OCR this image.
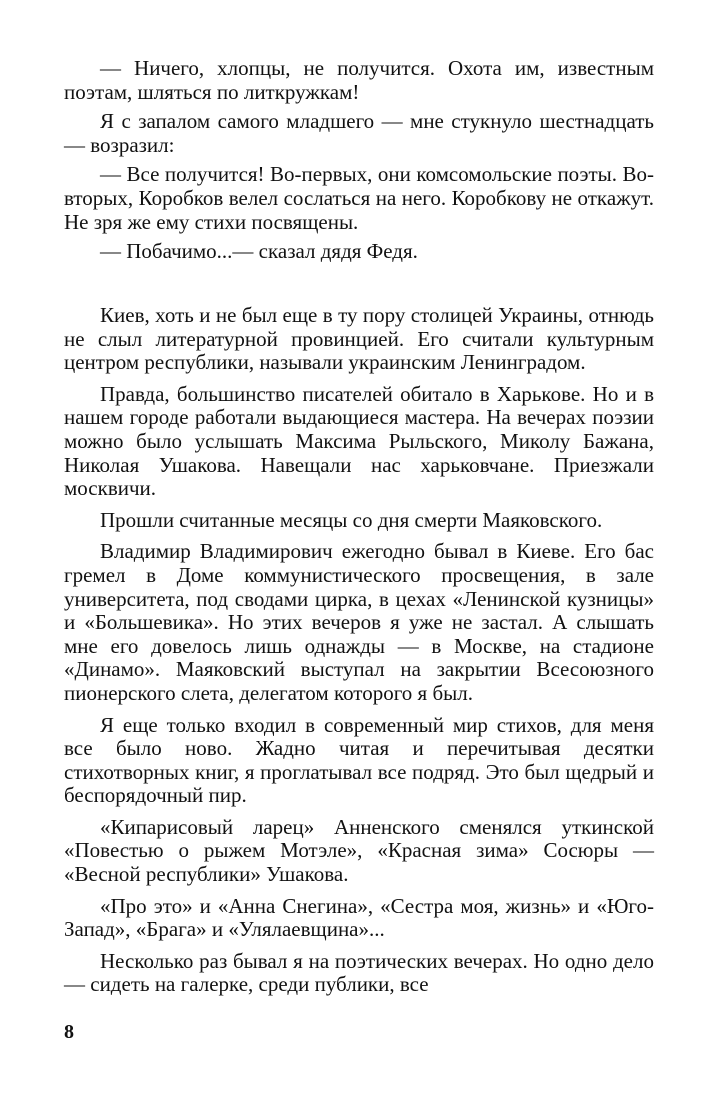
— Ничего, хлопцы, не получится. Охота им, известным поэтам, шляться по литкружкам!

Я с запалом самого младшего — мне стукнуло шестнадцать — возразил:

— Все получится! Во-первых, они комсомольские поэты. Во-вторых, Коробков велел сослаться на него. Коробкову не откажут. Не зря же ему стихи посвящены.

— Побачимо...— сказал дядя Федя.

Киев, хоть и не был еще в ту пору столицей Украины, отнюдь не слыл литературной провинцией. Его считали культурным центром республики, называли украинским Ленинградом.

Правда, большинство писателей обитало в Харькове. Но и в нашем городе работали выдающиеся мастера. На вечерах поэзии можно было услышать Максима Рыльского, Миколу Бажана, Николая Ушакова. Навещали нас харьковчане. Приезжали москвичи.

Прошли считанные месяцы со дня смерти Маяковского.

Владимир Владимирович ежегодно бывал в Киеве. Его бас гремел в Доме коммунистического просвещения, в зале университета, под сводами цирка, в цехах «Ленинской кузницы» и «Большевика». Но этих вечеров я уже не застал. А слышать мне его довелось лишь однажды — в Москве, на стадионе «Динамо». Маяковский выступал на закрытии Всесоюзного пионерского слета, делегатом которого я был.

Я еще только входил в современный мир стихов, для меня все было ново. Жадно читая и перечитывая десятки стихотворных книг, я проглатывал все подряд. Это был щедрый и беспорядочный пир.

«Кипарисовый ларец» Анненского сменялся уткинской «Повестью о рыжем Мотэле», «Красная зима» Сосюры — «Весной республики» Ушакова.

«Про это» и «Анна Снегина», «Сестра моя, жизнь» и «Юго-Запад», «Брага» и «Улялаевщина»...

Несколько раз бывал я на поэтических вечерах. Но одно дело — сидеть на галерке, среди публики, все

8
